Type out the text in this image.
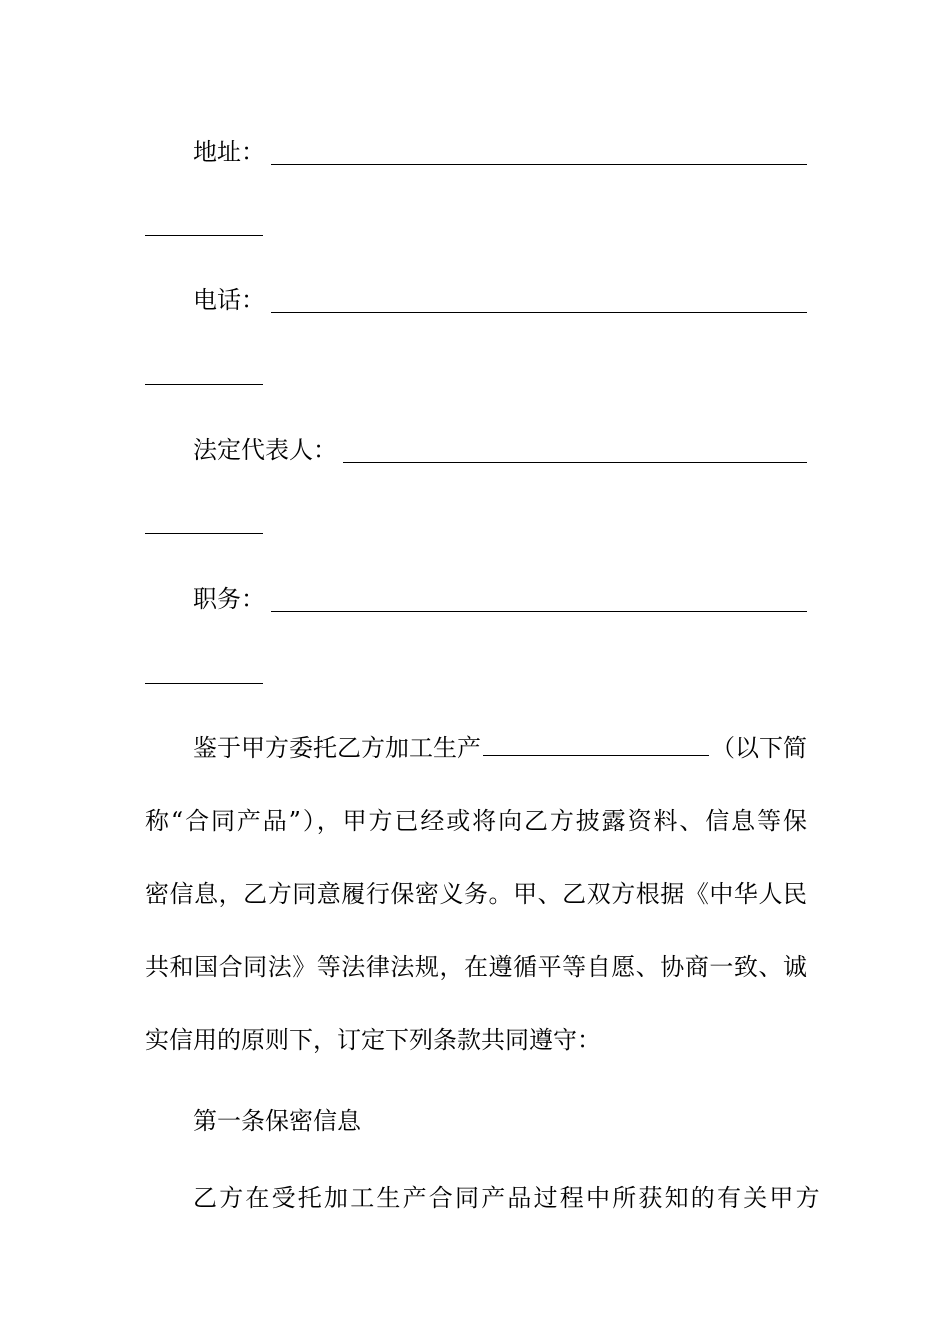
地址：
电话：
法定代表人：
职务：
鉴于甲方委托乙方加工生产	（以下简
称“合同产品”），甲方已经或将向乙方披露资料、信息等保
密信息，乙方同意履行保密义务。甲、乙双方根据《中华人民
共和国合同法》等法律法规，在遵循平等自愿、协商一致、诚
实信用的原则下，订定下列条款共同遵守：
第一条保密信息
乙方在受托加工生产合同产品过程中所获知的有关甲方
